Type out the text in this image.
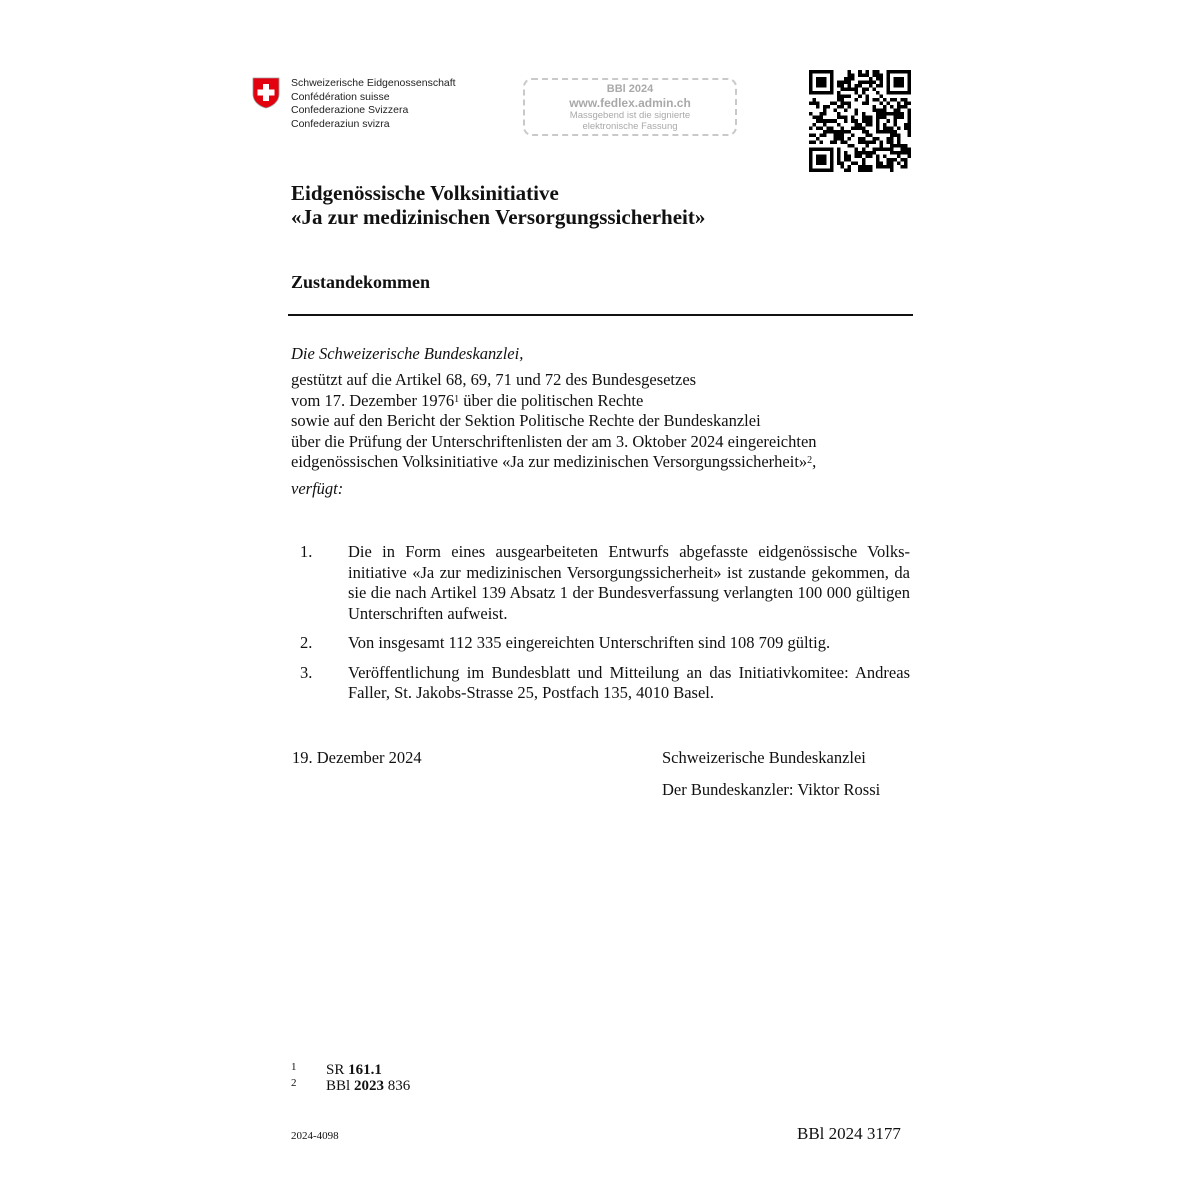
Schweizerische Eidgenossenschaft
Confédération suisse
Confederazione Svizzera
Confederaziun svizra
BBl 2024
www.fedlex.admin.ch
Massgebend ist die signierte
elektronische Fassung
Eidgenössische Volksinitiative
«Ja zur medizinischen Versorgungssicherheit»
Zustandekommen
Die Schweizerische Bundeskanzlei,
gestützt auf die Artikel 68, 69, 71 und 72 des Bundesgesetzes
vom 17. Dezember 1976$^1$ über die politischen Rechte
sowie auf den Bericht der Sektion Politische Rechte der Bundeskanzlei
über die Prüfung der Unterschriftenlisten der am 3. Oktober 2024 eingereichten
eidgenössischen Volksinitiative «Ja zur medizinischen Versorgungssicherheit»$^2$,
verfügt:
1.	Die in Form eines ausgearbeiteten Entwurfs abgefasste eidgenössische Volksinitiative «Ja zur medizinischen Versorgungssicherheit» ist zustande gekommen, da sie die nach Artikel 139 Absatz 1 der Bundesverfassung verlangten 100 000 gültigen Unterschriften aufweist.
2.	Von insgesamt 112 335 eingereichten Unterschriften sind 108 709 gültig.
3.	Veröffentlichung im Bundesblatt und Mitteilung an das Initiativkomitee: Andreas Faller, St. Jakobs-Strasse 25, Postfach 135, 4010 Basel.
19. Dezember 2024	Schweizerische Bundeskanzlei
Der Bundeskanzler: Viktor Rossi
1 SR 161.1
2 BBl 2023 836
2024-4098	BBl 2024 3177
